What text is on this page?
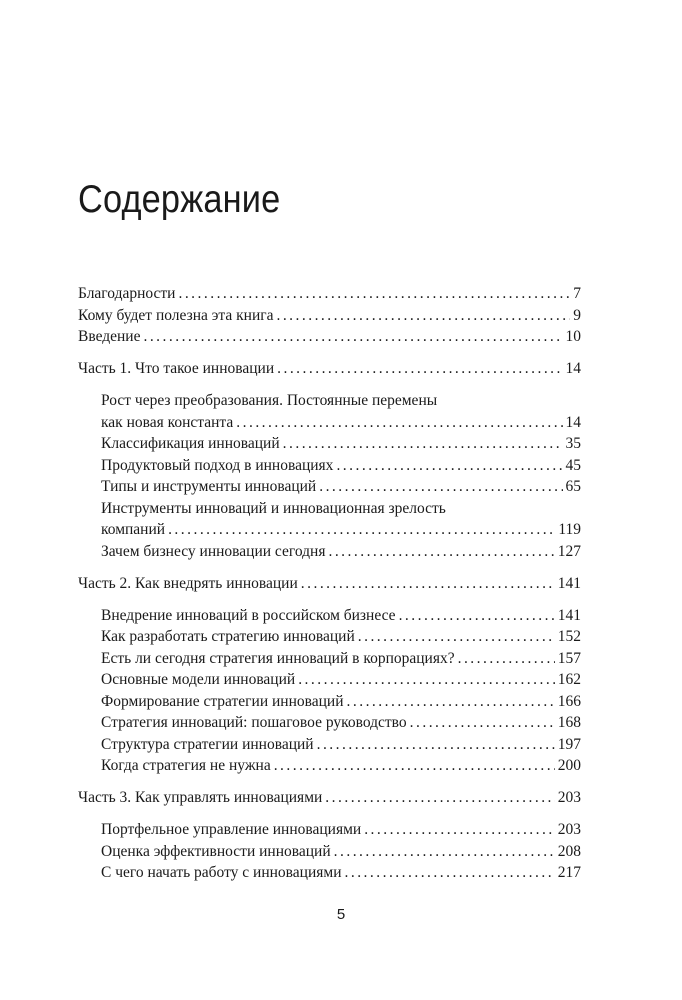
Содержание
Благодарности . . .	7
Кому будет полезна эта книга . . .	9
Введение . . .	10
Часть 1. Что такое инновации . . .	14
Рост через преобразования. Постоянные перемены
как новая константа . . .	14
Классификация инноваций . . .	35
Продуктовый подход в инновациях . . .	45
Типы и инструменты инноваций . . .	65
Инструменты инноваций и инновационная зрелость
компаний . . .	119
Зачем бизнесу инновации сегодня . . .	127
Часть 2. Как внедрять инновации . . .	141
Внедрение инноваций в российском бизнесе . . .	141
Как разработать стратегию инноваций . . .	152
Есть ли сегодня стратегия инноваций в корпорациях? . . .	157
Основные модели инноваций . . .	162
Формирование стратегии инноваций . . .	166
Стратегия инноваций: пошаговое руководство . . .	168
Структура стратегии инноваций . . .	197
Когда стратегия не нужна . . .	200
Часть 3. Как управлять инновациями . . .	203
Портфельное управление инновациями . . .	203
Оценка эффективности инноваций . . .	208
С чего начать работу с инновациями . . .	217
5
